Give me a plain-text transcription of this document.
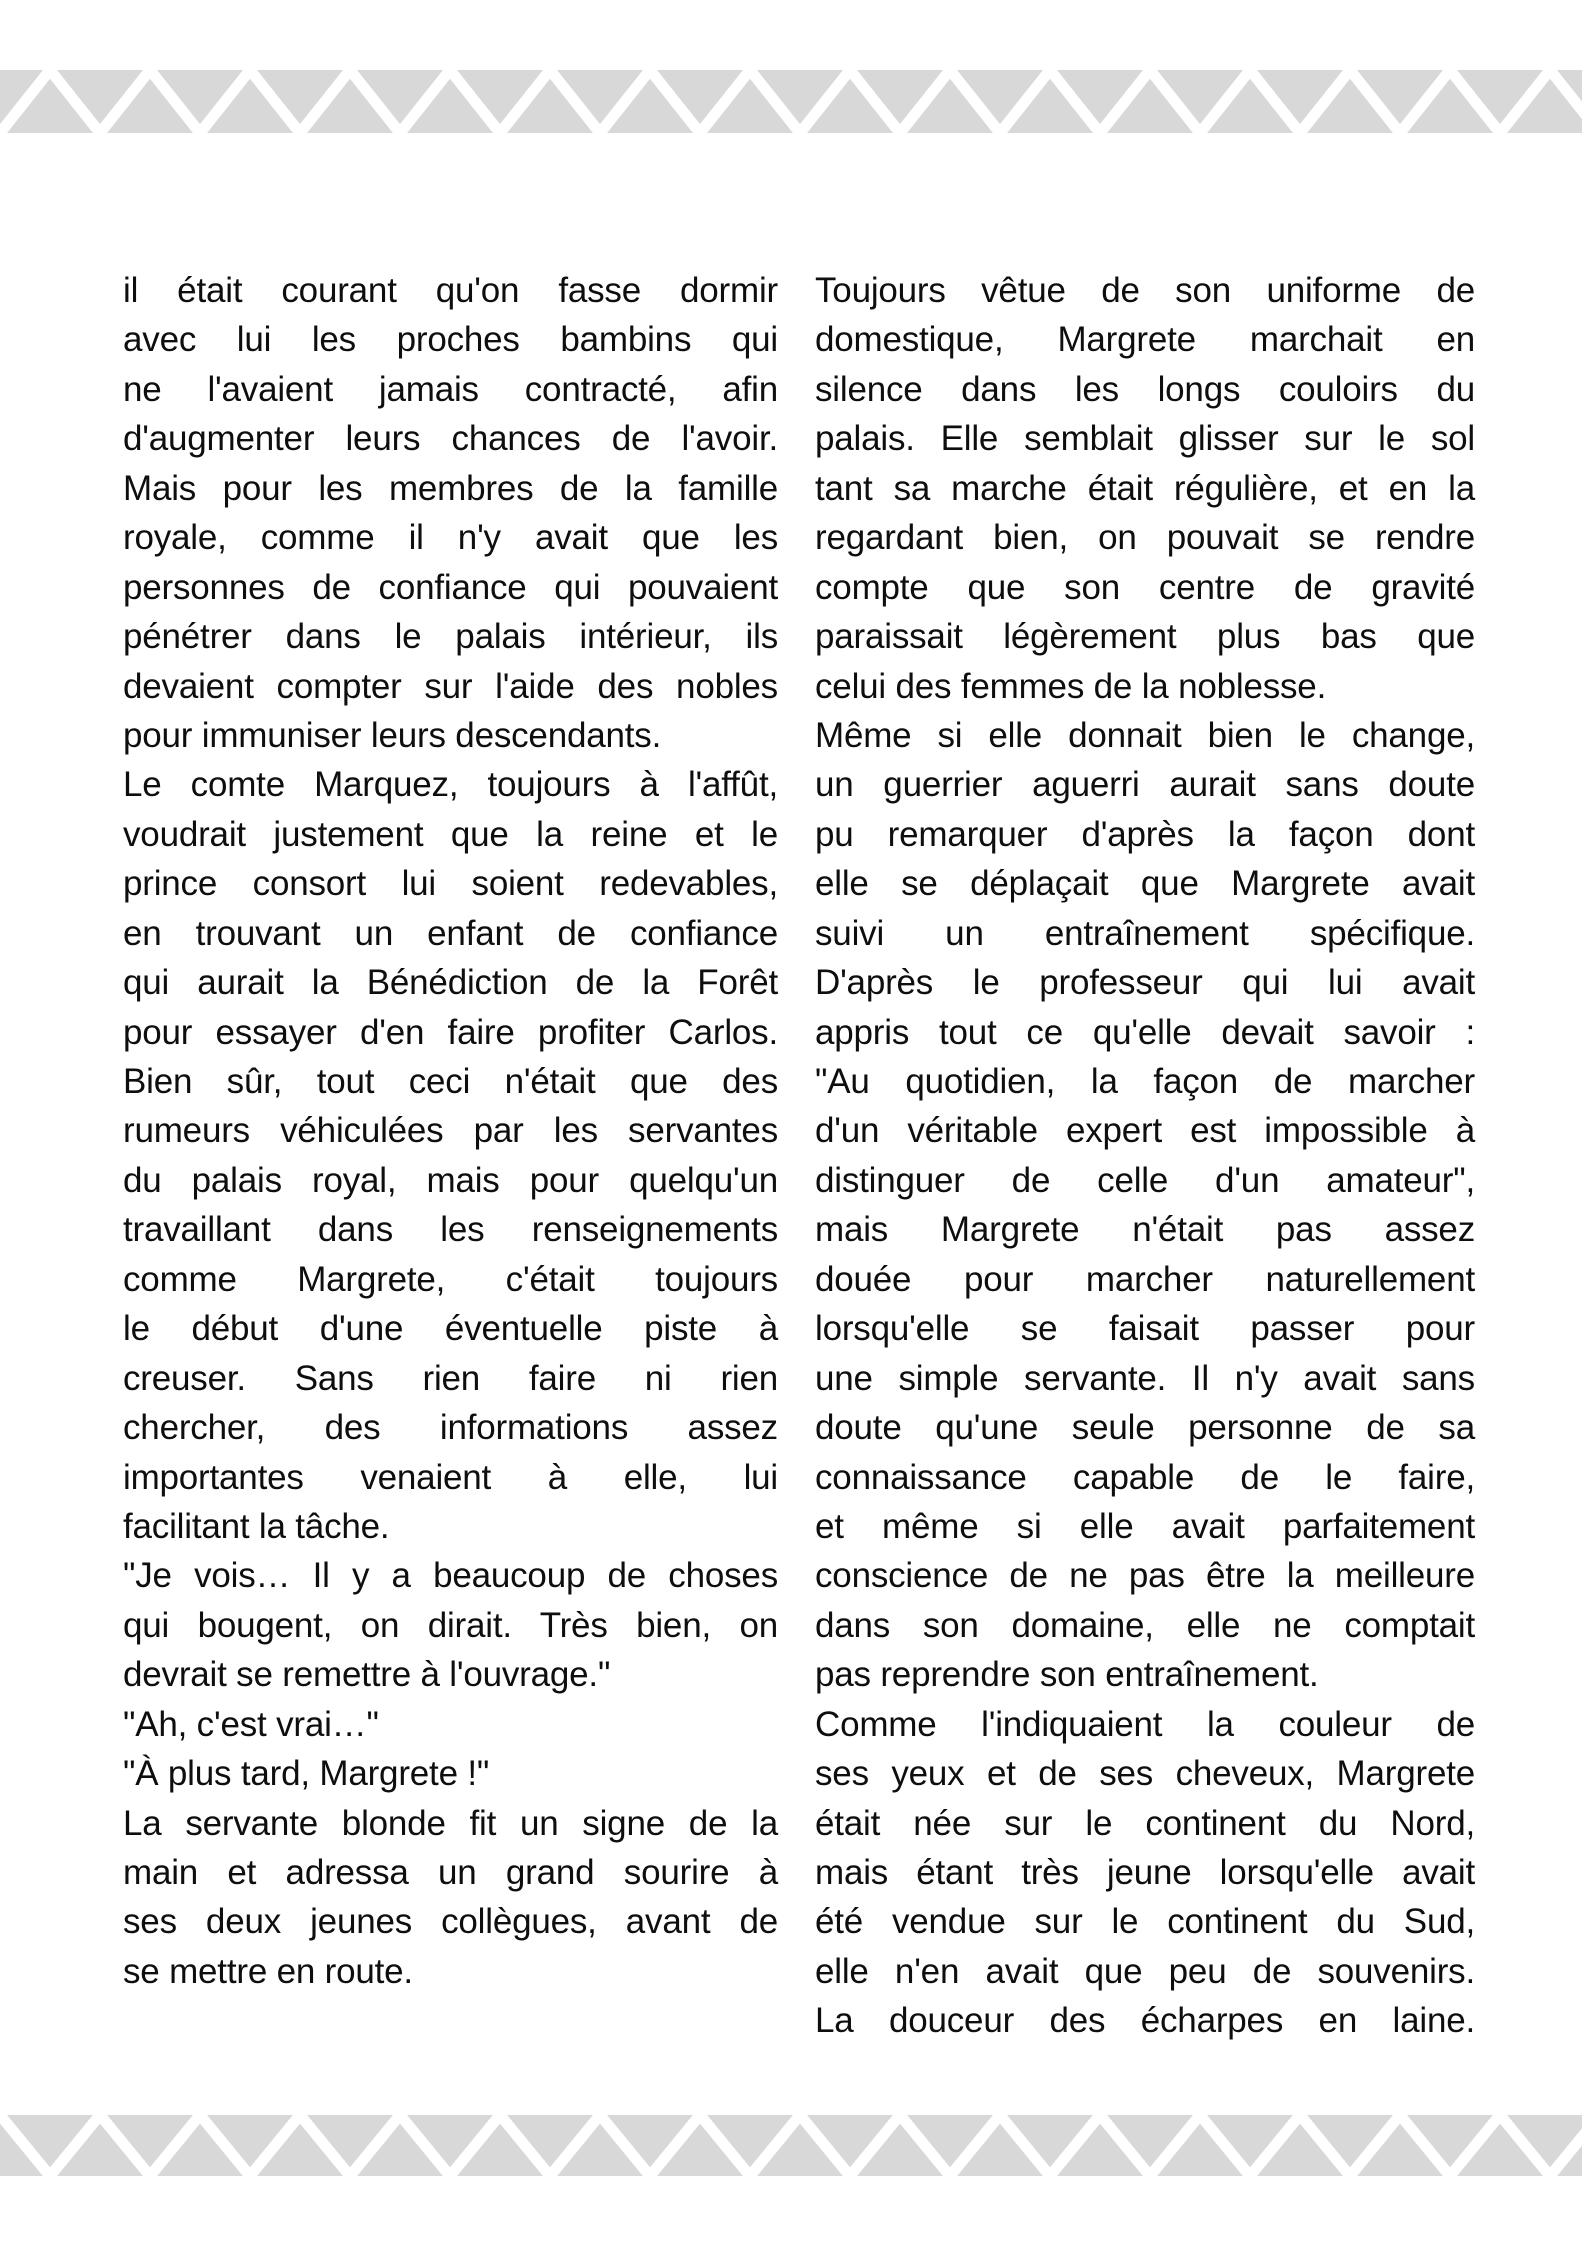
il était courant qu'on fasse dormir
avec lui les proches bambins qui
ne l'avaient jamais contracté, afin
d'augmenter leurs chances de l'avoir.
Mais pour les membres de la famille
royale, comme il n'y avait que les
personnes de confiance qui pouvaient
pénétrer dans le palais intérieur, ils
devaient compter sur l'aide des nobles
pour immuniser leurs descendants.
Le comte Marquez, toujours à l'affût,
voudrait justement que la reine et le
prince consort lui soient redevables,
en trouvant un enfant de confiance
qui aurait la Bénédiction de la Forêt
pour essayer d'en faire profiter Carlos.
Bien sûr, tout ceci n'était que des
rumeurs véhiculées par les servantes
du palais royal, mais pour quelqu'un
travaillant dans les renseignements
comme Margrete, c'était toujours
le début d'une éventuelle piste à
creuser. Sans rien faire ni rien
chercher, des informations assez
importantes venaient à elle, lui
facilitant la tâche.
"Je vois… Il y a beaucoup de choses
qui bougent, on dirait. Très bien, on
devrait se remettre à l'ouvrage."
"Ah, c'est vrai…"
"À plus tard, Margrete !"
La servante blonde fit un signe de la
main et adressa un grand sourire à
ses deux jeunes collègues, avant de
se mettre en route.
Toujours vêtue de son uniforme de
domestique, Margrete marchait en
silence dans les longs couloirs du
palais. Elle semblait glisser sur le sol
tant sa marche était régulière, et en la
regardant bien, on pouvait se rendre
compte que son centre de gravité
paraissait légèrement plus bas que
celui des femmes de la noblesse.
Même si elle donnait bien le change,
un guerrier aguerri aurait sans doute
pu remarquer d'après la façon dont
elle se déplaçait que Margrete avait
suivi un entraînement spécifique.
D'après le professeur qui lui avait
appris tout ce qu'elle devait savoir :
"Au quotidien, la façon de marcher
d'un véritable expert est impossible à
distinguer de celle d'un amateur",
mais Margrete n'était pas assez
douée pour marcher naturellement
lorsqu'elle se faisait passer pour
une simple servante. Il n'y avait sans
doute qu'une seule personne de sa
connaissance capable de le faire,
et même si elle avait parfaitement
conscience de ne pas être la meilleure
dans son domaine, elle ne comptait
pas reprendre son entraînement.
Comme l'indiquaient la couleur de
ses yeux et de ses cheveux, Margrete
était née sur le continent du Nord,
mais étant très jeune lorsqu'elle avait
été vendue sur le continent du Sud,
elle n'en avait que peu de souvenirs.
La douceur des écharpes en laine.
